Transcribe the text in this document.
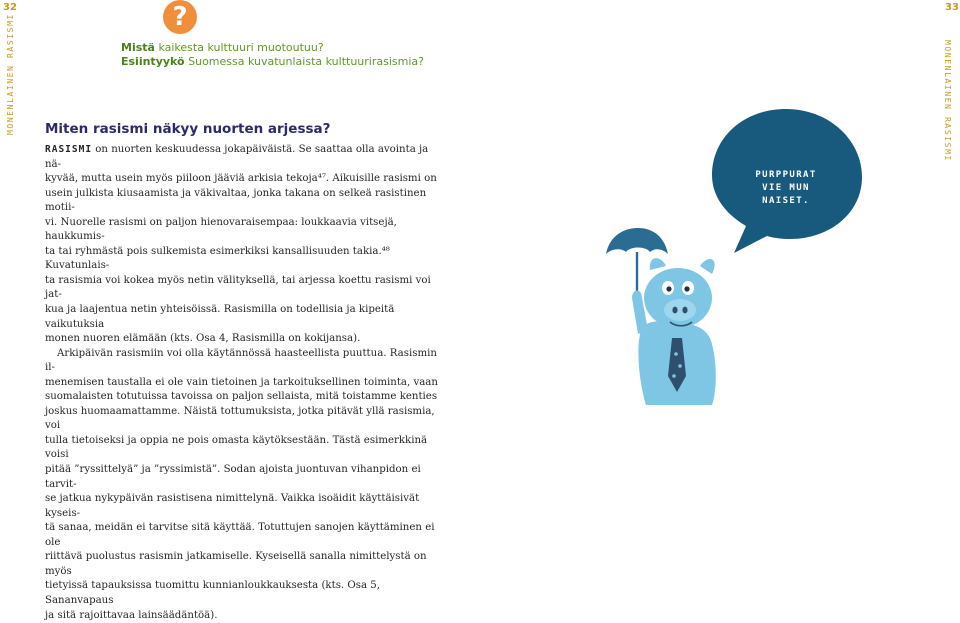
32	33
MONENLAINEN RASISMI	MONENLAINEN RASISMI
?
Mistä kaikesta kulttuuri muotoutuu?
Esiintyykö Suomessa kuvatunlaista kulttuurirasismia?
Miten rasismi näkyy nuorten arjessa?

RASISMI on nuorten keskuudessa jokapäiväistä. Se saattaa olla avointa ja nä-
kyvää, mutta usein myös piiloon jääviä arkisia tekoja⁴⁷. Aikuisille rasismi on
usein julkista kiusaamista ja väkivaltaa, jonka takana on selkeä rasistinen motii-
vi. Nuorelle rasismi on paljon hienovaraisempaa: loukkaavia vitsejä, haukkumis-
ta tai ryhmästä pois sulkemista esimerkiksi kansallisuuden takia.⁴⁸ Kuvatunlais-
ta rasismia voi kokea myös netin välityksellä, tai arjessa koettu rasismi voi jat-
kua ja laajentua netin yhteisöissä. Rasismilla on todellisia ja kipeitä vaikutuksia
monen nuoren elämään (kts. Osa 4, Rasismilla on kokijansa).

Arkipäivän rasismiin voi olla käytännössä haasteellista puuttua. Rasismin il-
menemisen taustalla ei ole vain tietoinen ja tarkoituksellinen toiminta, vaan
suomalaisten totutuissa tavoissa on paljon sellaista, mitä toistamme kenties
joskus huomaamattamme. Näistä tottumuksista, jotka pitävät yllä rasismia, voi
tulla tietoiseksi ja oppia ne pois omasta käytöksestään. Tästä esimerkkinä voisi
pitää ”ryssittelyä” ja ”ryssimistä”. Sodan ajoista juontuvan vihanpidon ei tarvit-
se jatkua nykypäivän rasistisena nimittelynä. Vaikka isoäidit käyttäisivät kyseis-
tä sanaa, meidän ei tarvitse sitä käyttää. Totuttujen sanojen käyttäminen ei ole
riittävä puolustus rasismin jatkamiselle. Kyseisellä sanalla nimittelystä on myös
tietyissä tapauksissa tuomittu kunnianloukkauksesta (kts. Osa 5, Sananvapaus
ja sitä rajoittavaa lainsäädäntöä).

PURPPURAT
VIE MUN
NAISET.
